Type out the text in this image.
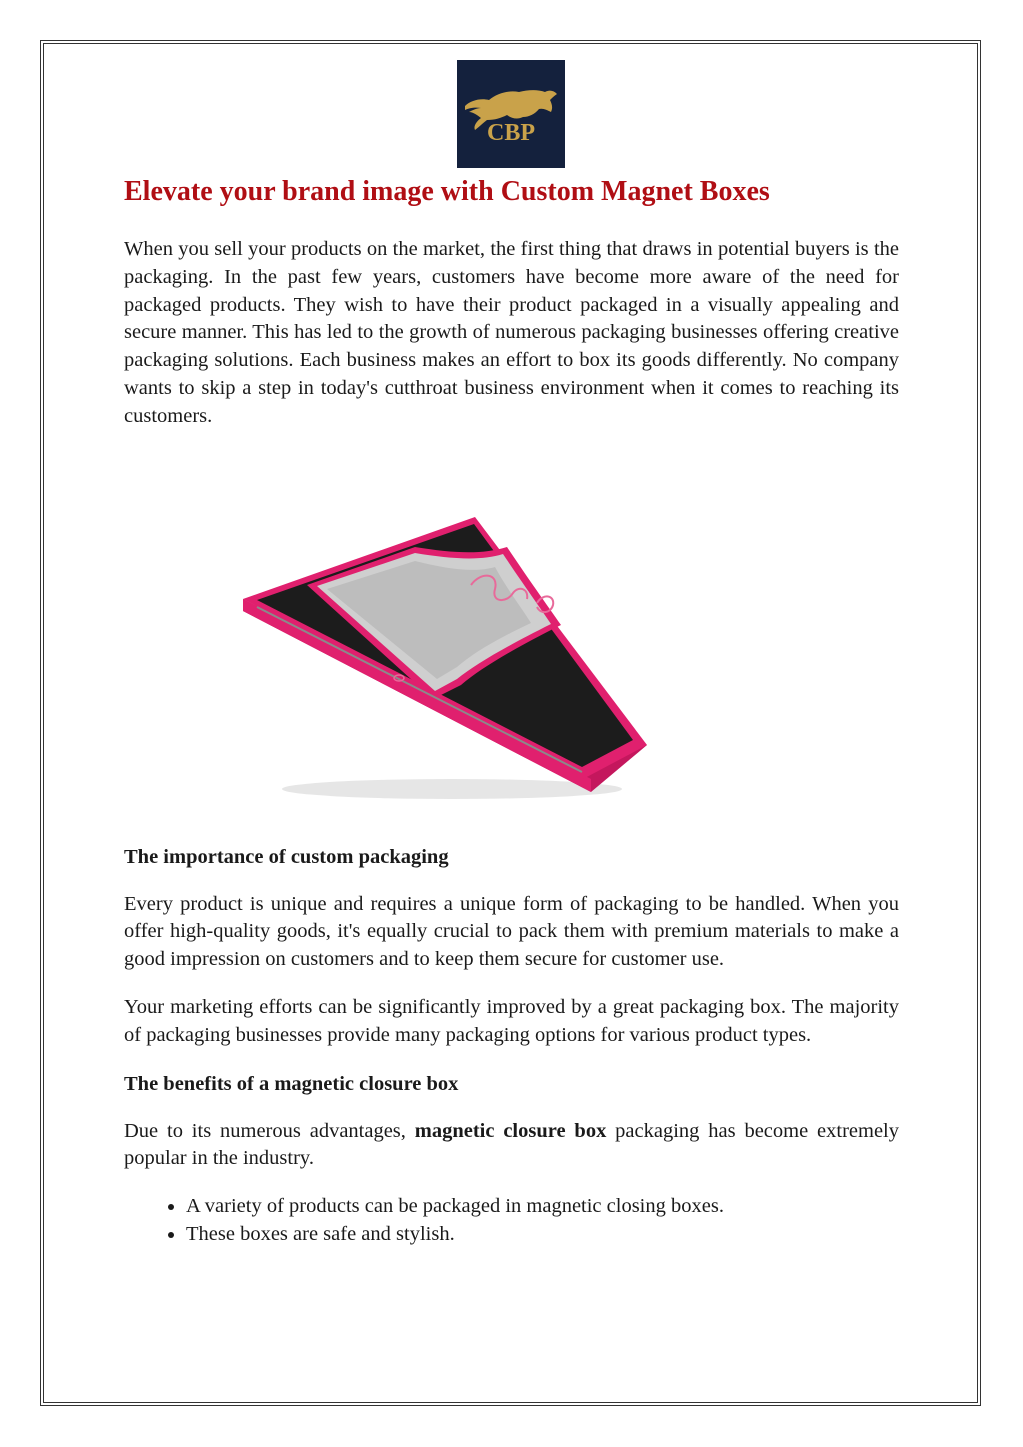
CBP
Elevate your brand image with Custom Magnet Boxes

When you sell your products on the market, the first thing that draws in potential buyers is the packaging. In the past few years, customers have become more aware of the need for packaged products. They wish to have their product packaged in a visually appealing and secure manner. This has led to the growth of numerous packaging businesses offering creative packaging solutions. Each business makes an effort to box its goods differently. No company wants to skip a step in today's cutthroat business environment when it comes to reaching its customers.

The importance of custom packaging

Every product is unique and requires a unique form of packaging to be handled. When you offer high-quality goods, it's equally crucial to pack them with premium materials to make a good impression on customers and to keep them secure for customer use.

Your marketing efforts can be significantly improved by a great packaging box. The majority of packaging businesses provide many packaging options for various product types.

The benefits of a magnetic closure box

Due to its numerous advantages, magnetic closure box packaging has become extremely popular in the industry.

• A variety of products can be packaged in magnetic closing boxes.
• These boxes are safe and stylish.
